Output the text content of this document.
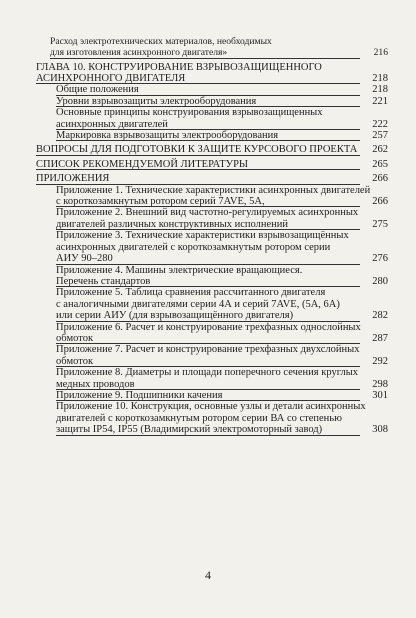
Расход электротехнических материалов, необходимых
для изготовления асинхронного двигателя»	216
ГЛАВА 10. КОНСТРУИРОВАНИЕ ВЗРЫВОЗАЩИЩЕННОГО
АСИНХРОННОГО ДВИГАТЕЛЯ	218
Общие положения	218
Уровни взрывозащиты электрооборудования	221
Основные принципы конструирования взрывозащищенных
асинхронных двигателей	222
Маркировка взрывозащиты электрооборудования	257
ВОПРОСЫ ДЛЯ ПОДГОТОВКИ К ЗАЩИТЕ КУРСОВОГО ПРОЕКТА	262
СПИСОК РЕКОМЕНДУЕМОЙ ЛИТЕРАТУРЫ	265
ПРИЛОЖЕНИЯ	266
Приложение 1. Технические характеристики асинхронных двигателей
с короткозамкнутым ротором серий 7AVE, 5А,	266
Приложение 2. Внешний вид частотно-регулируемых асинхронных
двигателей различных конструктивных исполнений	275
Приложение 3. Технические характеристики взрывозащищённых
асинхронных двигателей с короткозамкнутым ротором серии
АИУ 90–280	276
Приложение 4. Машины электрические вращающиеся.
Перечень стандартов	280
Приложение 5. Таблица сравнения рассчитанного двигателя
с аналогичными двигателями серии 4А и серий 7AVE, (5А, 6А)
или серии АИУ (для взрывозащищённого двигателя)	282
Приложение 6. Расчет и конструирование трехфазных однослойных
обмоток	287
Приложение 7. Расчет и конструирование трехфазных двухслойных
обмоток	292
Приложение 8. Диаметры и площади поперечного сечения круглых
медных проводов	298
Приложение 9. Подшипники качения	301
Приложение 10. Конструкция, основные узлы и детали асинхронных
двигателей с короткозамкнутым ротором серии ВА со степенью
защиты IP54, IP55 (Владимирский электромоторный завод)	308
4
